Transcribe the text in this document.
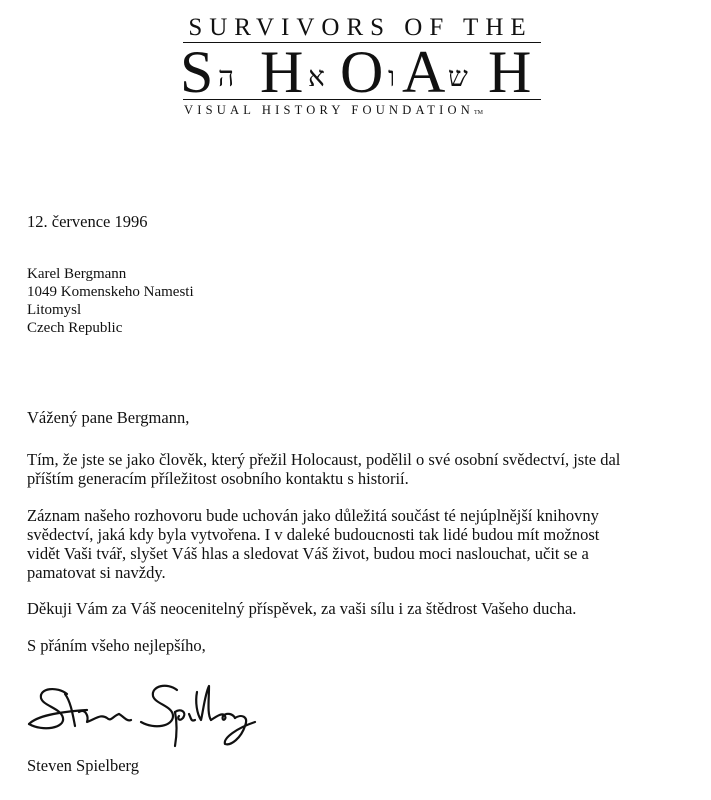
SURVIVORS OF THE
S ה H א O ו A ש H
VISUAL HISTORY FOUNDATIONTM
12. července 1996
Karel Bergmann
1049 Komenskeho Namesti
Litomysl
Czech Republic
Vážený pane Bergmann,
Tím, že jste se jako člověk, který přežil Holocaust, podělil o své osobní svědectví, jste dal
příštím generacím příležitost osobního kontaktu s historií.
Záznam našeho rozhovoru bude uchován jako důležitá součást té nejúplnější knihovny
svědectví, jaká kdy byla vytvořena. I v daleké budoucnosti tak lidé budou mít možnost
vidět Vaši tvář, slyšet Váš hlas a sledovat Váš život, budou moci naslouchat, učit se a
pamatovat si navždy.
Děkuji Vám za Váš neocenitelný příspěvek, za vaši sílu i za štědrost Vašeho ducha.
S přáním všeho nejlepšího,
Steven Spielberg
